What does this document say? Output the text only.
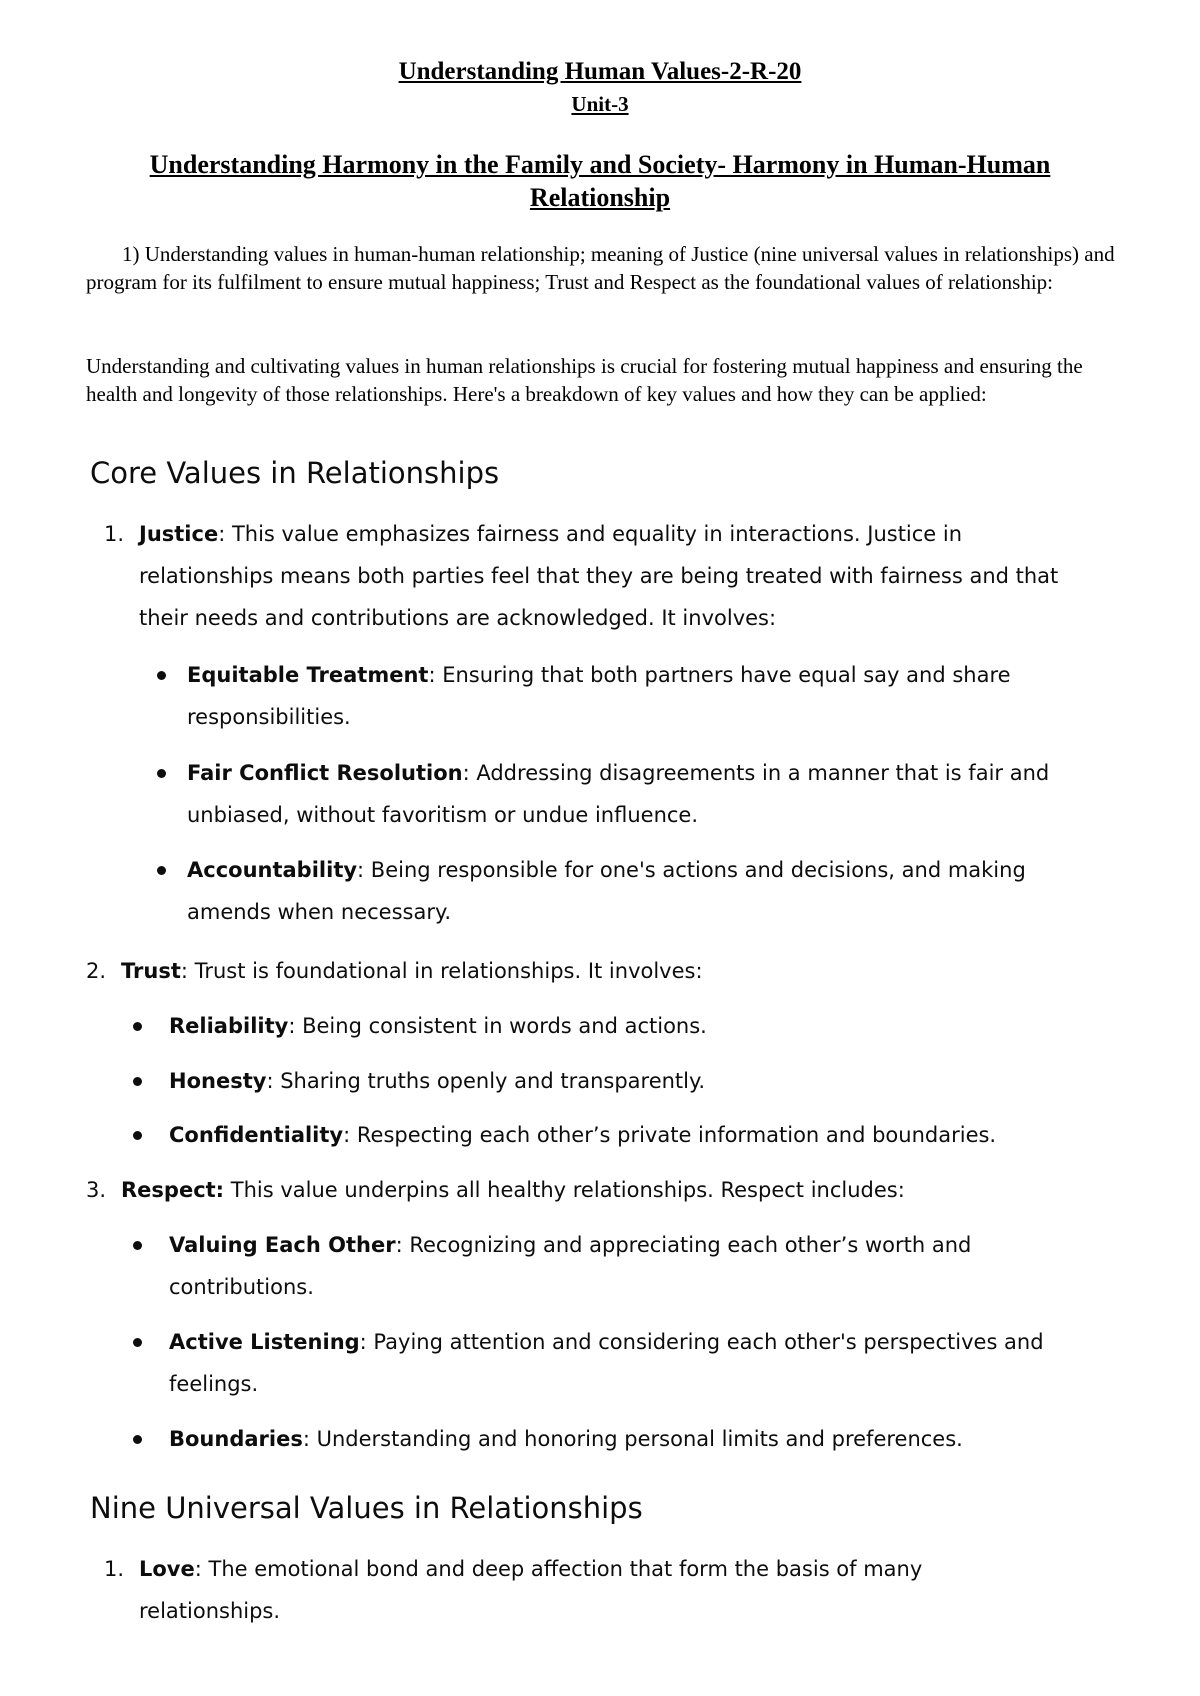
Understanding Human Values-2-R-20
Unit-3
Understanding Harmony in the Family and Society- Harmony in Human-Human Relationship
1) Understanding values in human-human relationship; meaning of Justice (nine universal values in relationships) and program for its fulfilment to ensure mutual happiness; Trust and Respect as the foundational values of relationship:
Understanding and cultivating values in human relationships is crucial for fostering mutual happiness and ensuring the health and longevity of those relationships. Here's a breakdown of key values and how they can be applied:
Core Values in Relationships
1. Justice: This value emphasizes fairness and equality in interactions. Justice in relationships means both parties feel that they are being treated with fairness and that their needs and contributions are acknowledged. It involves:
Equitable Treatment: Ensuring that both partners have equal say and share responsibilities.
Fair Conflict Resolution: Addressing disagreements in a manner that is fair and unbiased, without favoritism or undue influence.
Accountability: Being responsible for one's actions and decisions, and making amends when necessary.
2. Trust: Trust is foundational in relationships. It involves:
Reliability: Being consistent in words and actions.
Honesty: Sharing truths openly and transparently.
Confidentiality: Respecting each other’s private information and boundaries.
3. Respect: This value underpins all healthy relationships. Respect includes:
Valuing Each Other: Recognizing and appreciating each other’s worth and contributions.
Active Listening: Paying attention and considering each other's perspectives and feelings.
Boundaries: Understanding and honoring personal limits and preferences.
Nine Universal Values in Relationships
1. Love: The emotional bond and deep affection that form the basis of many relationships.
